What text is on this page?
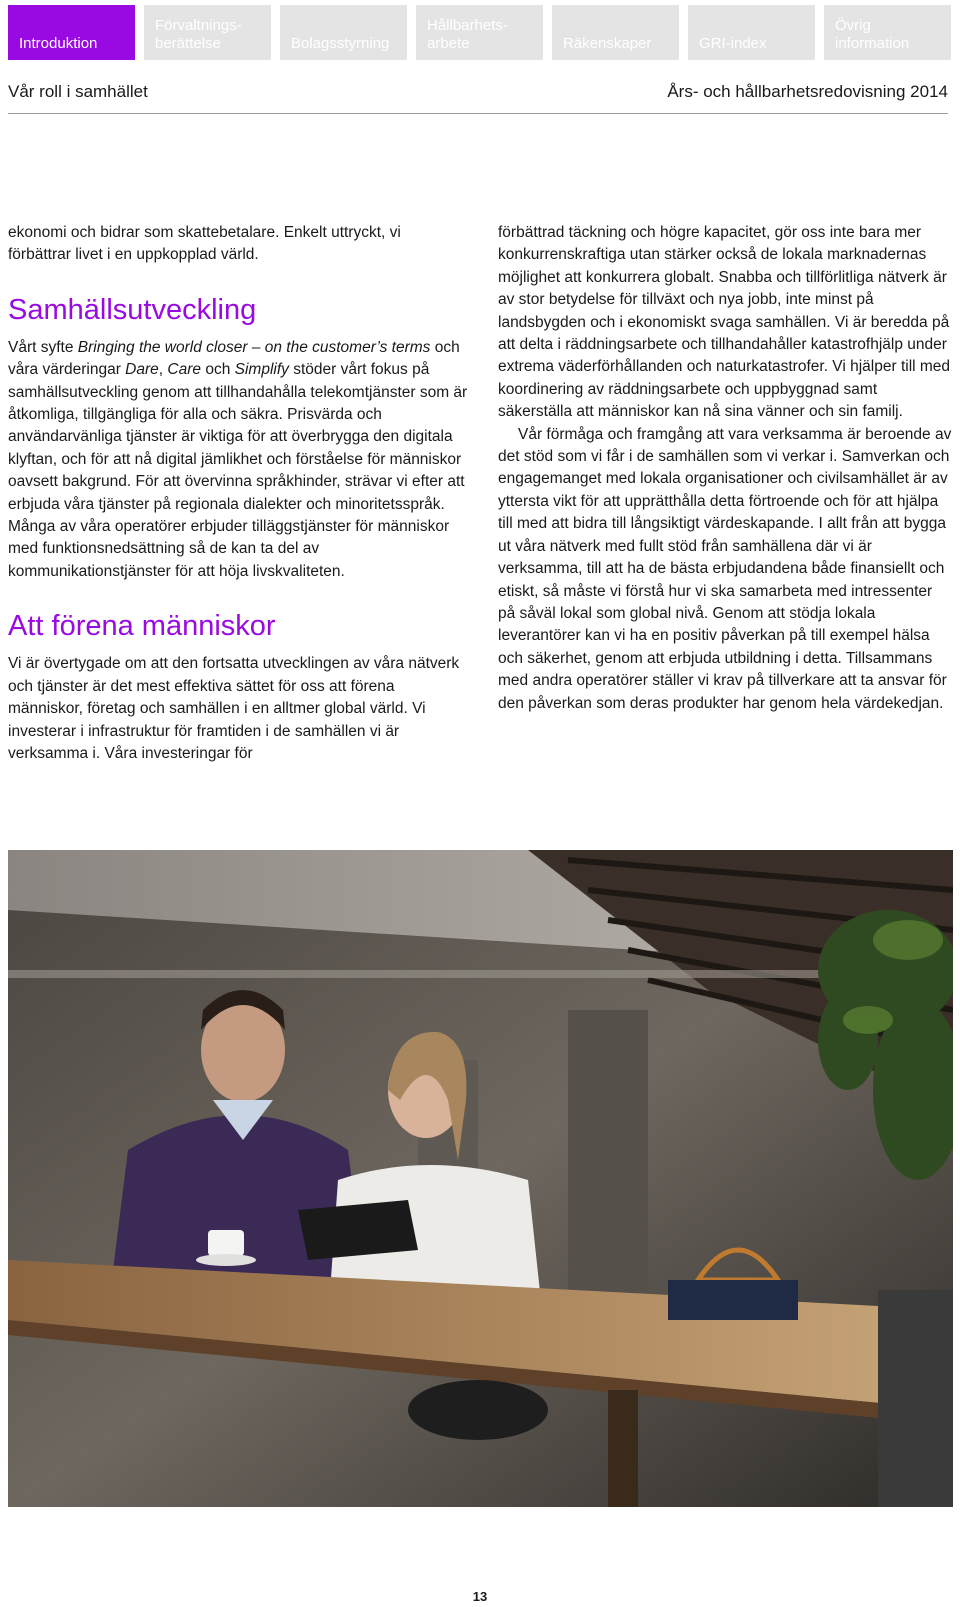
Introduktion
Förvaltnings-
berättelse	Bolagsstyrning
Hållbarhets-
arbete	Räkenskaper	GRI-index
Övrig
information
Vår roll i samhället	Års- och hållbarhetsredovisning 2014

ekonomi och bidrar som skattebetalare. Enkelt uttryckt, vi förbättrar livet i en uppkopplad värld.

Samhällsutveckling

Vårt syfte Bringing the world closer – on the customer’s terms och våra värderingar Dare, Care och Simplify stöder vårt fokus på samhällsutveckling genom att tillhandahålla telekomtjänster som är åtkomliga, tillgängliga för alla och säkra. Prisvärda och användarvänliga tjänster är viktiga för att överbrygga den digitala klyftan, och för att nå digital jämlikhet och förståelse för människor oavsett bakgrund. För att övervinna språkhinder, strävar vi efter att erbjuda våra tjänster på regionala dialekter och minoritetsspråk. Många av våra operatörer erbjuder tilläggstjänster för människor med funktionsnedsättning så de kan ta del av kommunikationstjänster för att höja livskvaliteten.

Att förena människor

Vi är övertygade om att den fortsatta utvecklingen av våra nätverk och tjänster är det mest effektiva sättet för oss att förena människor, företag och samhällen i en alltmer global värld. Vi investerar i infrastruktur för framtiden i de samhällen vi är verksamma i. Våra investeringar för

förbättrad täckning och högre kapacitet, gör oss inte bara mer konkurrenskraftiga utan stärker också de lokala marknadernas möjlighet att konkurrera globalt. Snabba och tillförlitliga nätverk är av stor betydelse för tillväxt och nya jobb, inte minst på landsbygden och i ekonomiskt svaga samhällen. Vi är beredda på att delta i räddningsarbete och tillhandahåller katastrofhjälp under extrema väderförhållanden och naturkatastrofer. Vi hjälper till med koordinering av räddningsarbete och uppbyggnad samt säkerställa att människor kan nå sina vänner och sin familj.

Vår förmåga och framgång att vara verksamma är beroende av det stöd som vi får i de samhällen som vi verkar i. Samverkan och engagemanget med lokala organisationer och civilsamhället är av yttersta vikt för att upprätthålla detta förtroende och för att hjälpa till med att bidra till långsiktigt värdeskapande. I allt från att bygga ut våra nätverk med fullt stöd från samhällena där vi är verksamma, till att ha de bästa erbjudandena både finansiellt och etiskt, så måste vi förstå hur vi ska samarbeta med intressenter på såväl lokal som global nivå. Genom att stödja lokala leverantörer kan vi ha en positiv påverkan på till exempel hälsa och säkerhet, genom att erbjuda utbildning i detta. Tillsammans med andra operatörer ställer vi krav på tillverkare att ta ansvar för den påverkan som deras produkter har genom hela värdekedjan.

13
